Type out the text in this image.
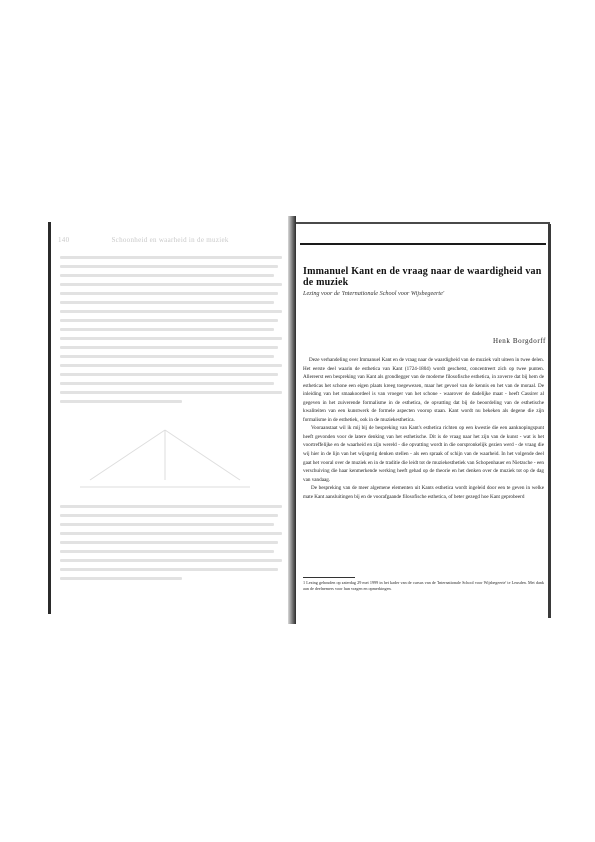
140	Schoonheid en waarheid in de muziek
Immanuel Kant en de vraag naar de waardigheid van de muziek
Lezing voor de 'Internationale School voor Wijsbegeerte'
Henk Borgdorff

Deze verhandeling over Immanuel Kant en de vraag naar de waardigheid van de muziek valt uiteen in twee delen. Het eerste deel waarin de esthetica van Kant (1724-1804) wordt geschetst, concentreert zich op twee punten. Allereerst een bespreking van Kant als grondlegger van de moderne filosofische esthetica, in zoverre dat bij hem de estheticas het schone een eigen plaats kreeg toegewezen, maar het gevoel van de kennis en het van de moraal. De inleiding van het smaakoordeel is van vroeger van het schone - waarover de dadelijke maat - heeft Cassirer al gegeven in het zuiverende formalisme in de esthetica, de opvatting dat bij de beoordeling van de esthetische kwaliteiten van een kunstwerk de formele aspecten voorop staan. Kant wordt nu bekeken als degene die zijn formalisme in de esthetiek, ook in de muziekesthetica.

Vooraanstaat wil ik mij bij de bespreking van Kant's esthetica richten op een kwestie die een aanknopingspunt heeft gevonden voor de latere denking van het esthetische. Dit is de vraag naar het zijn van de kunst - wat is het voortreffelijke en de waarheid en zijn wereld - die opvatting wordt in die oorspronkelijk gezien werd - de vraag die wij hier in de lijn van het wijsgerig denken stellen - als een spraak of schijn van de waarheid. In het volgende deel gaat het vooral over de muziek en in de traditie die leidt tot de muziekesthetiek van Schopenhauer en Nietzsche - een verschuiving die haar kenmerkende werking heeft gehad op de theorie en het denken over de muziek tot op de dag van vandaag.

De bespreking van de meer algemene elementen uit Kants esthetica wordt ingeleid door een te geven in welke mate Kant aansluitingen bij en de voorafgaande filosofische esthetica, of beter gezegd hoe Kant geprobeerd

1 Lezing gehouden op zaterdag 29 mei 1999 in het kader van de cursus van de 'Internationale School voor Wijsbegeerte' te Leusden. Met dank aan de deelnemers voor hun vragen en opmerkingen.
